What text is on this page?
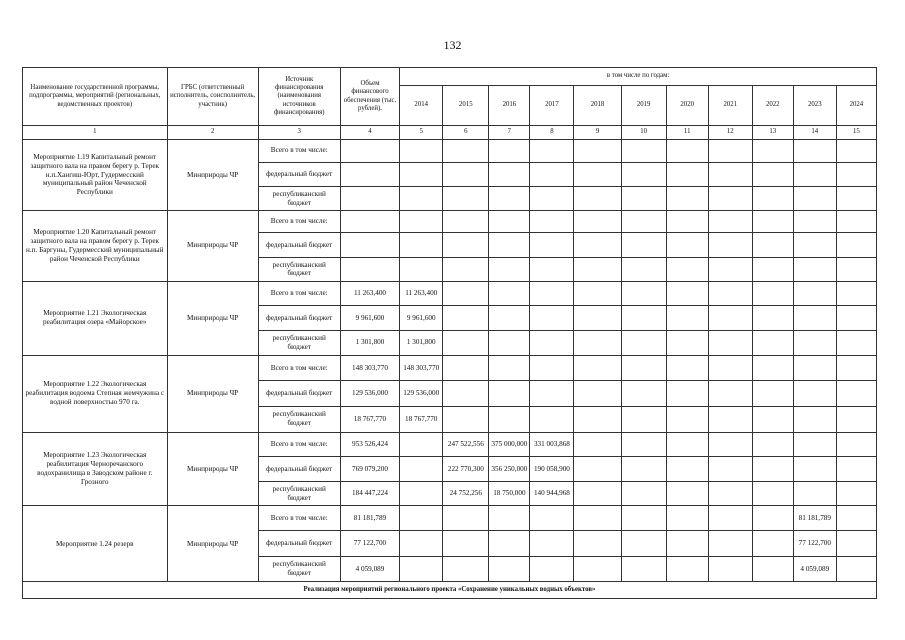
132
Наименование государственной программы, подпрограммы, мероприятий (региональных, ведомственных проектов)	ГРБС (ответственный исполнитель, соисполнитель, участник)	Источник финансирования (наименования источников финансирования)	Объем финансового обеспечения (тыс. рублей).	в том числе по годам:										
				2014	2015	2016	2017	2018	2019	2020	2021	2022	2023	2024
1	2	3	4	5	6	7	8	9	10	11	12	13	14	15
Мероприятие 1.19 Капитальный ремонт защитного вала на правом берегу р. Терек н.п.Хангиш-Юрт, Гудермесский муниципальный район Чеченской Республики	Минприроды ЧР	Всего в том числе:												
		федеральный бюджет												
		республиканский бюджет												
Мероприятие 1.20 Капитальный ремонт защитного вала на правом берегу р. Терек н.п. Баргуны, Гудермесский муниципальный район Чеченской Республики	Минприроды ЧР	Всего в том числе:												
		федеральный бюджет												
		республиканский бюджет												
Мероприятие 1.21 Экологическая реабилитация озера «Майорское»	Минприроды ЧР	Всего в том числе:	11 263,400	11 263,400										
		федеральный бюджет	9 961,600	9 961,600										
		республиканский бюджет	1 301,800	1 301,800										
Мероприятие 1.22 Экологическая реабилитация водоема Степная жемчужина с водной поверхностью 970 га.	Минприроды ЧР	Всего в том числе:	148 303,770	148 303,770										
		федеральный бюджет	129 536,000	129 536,000										
		республиканский бюджет	18 767,770	18 767,770										
Мероприятие 1.23 Экологическая реабилитация Черноречанского водохранилища в Заводском районе г. Грозного	Минприроды ЧР	Всего в том числе:	953 526,424		247 522,556	375 000,000	331 003,868							
		федеральный бюджет	769 079,200		222 770,300	356 250,000	190 058,900							
		республиканский бюджет	184 447,224		24 752,256	18 750,000	140 944,968							
Мероприятие 1.24 резерв	Минприроды ЧР	Всего в том числе:	81 181,789										81 181,789	
		федеральный бюджет	77 122,700										77 122,700	
		республиканский бюджет	4 059,089										4 059,089	
Реализация мероприятий регионального проекта «Сохранение уникальных водных объектов»														
